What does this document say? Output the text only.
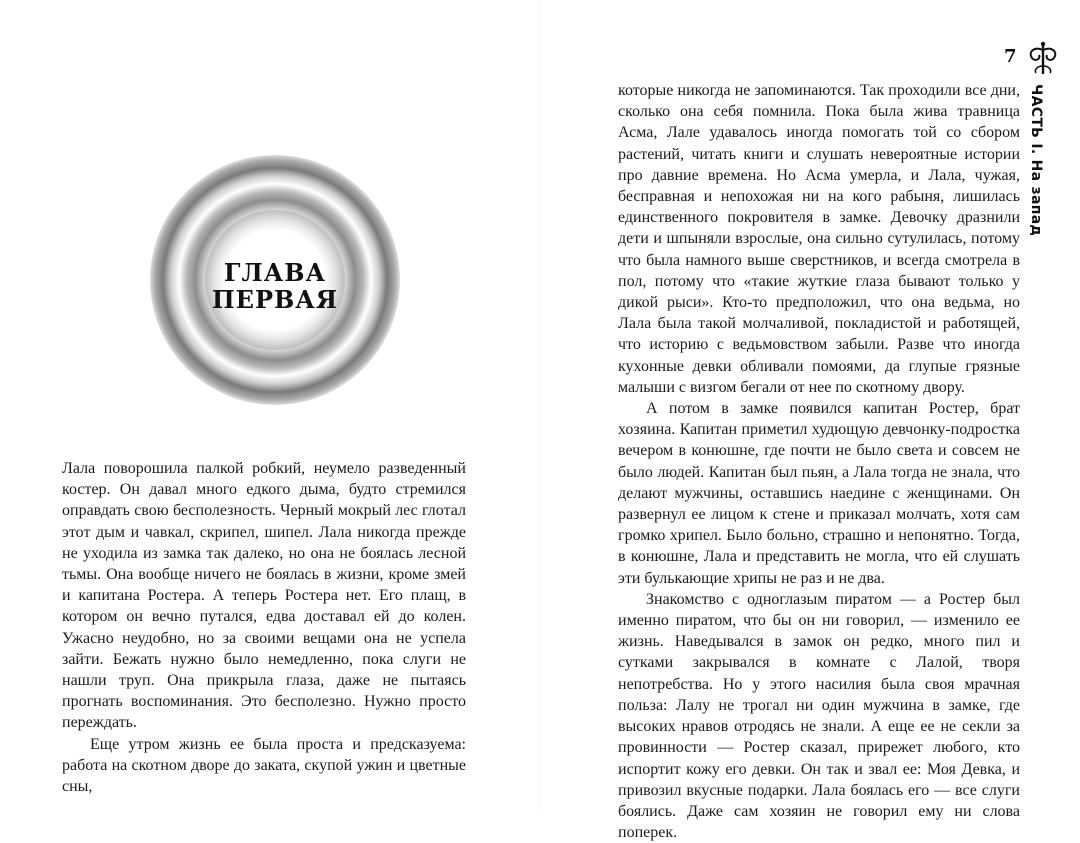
ГЛАВА
ПЕРВАЯ

Лала поворошила палкой робкий, неумело разведенный костер. Он давал много едкого дыма, будто стремился оправдать свою бесполезность. Черный мокрый лес глотал этот дым и чавкал, скрипел, шипел. Лала никогда прежде не уходила из замка так далеко, но она не боялась лесной тьмы. Она вообще ничего не боялась в жизни, кроме змей и капитана Ростера. А теперь Ростера нет. Его плащ, в котором он вечно путался, едва доставал ей до колен. Ужасно неудобно, но за своими вещами она не успела зайти. Бежать нужно было немедленно, пока слуги не нашли труп. Она прикрыла глаза, даже не пытаясь прогнать воспоминания. Это бесполезно. Нужно просто переждать.

Еще утром жизнь ее была проста и предсказуема: работа на скотном дворе до заката, скупой ужин и цветные сны,

7
ЧАСТЬ I. На запад

которые никогда не запоминаются. Так проходили все дни, сколько она себя помнила. Пока была жива травница Асма, Лале удавалось иногда помогать той со сбором растений, читать книги и слушать невероятные истории про давние времена. Но Асма умерла, и Лала, чужая, бесправная и непохожая ни на кого рабыня, лишилась единственного покровителя в замке. Девочку дразнили дети и шпыняли взрослые, она сильно сутулилась, потому что была намного выше сверстников, и всегда смотрела в пол, потому что «такие жуткие глаза бывают только у дикой рыси». Кто-то предположил, что она ведьма, но Лала была такой молчаливой, покладистой и работящей, что историю с ведьмовством забыли. Разве что иногда кухонные девки обливали помоями, да глупые грязные малыши с визгом бегали от нее по скотному двору.

А потом в замке появился капитан Ростер, брат хозяина. Капитан приметил худющую девчонку-подростка вечером в конюшне, где почти не было света и совсем не было людей. Капитан был пьян, а Лала тогда не знала, что делают мужчины, оставшись наедине с женщинами. Он развернул ее лицом к стене и приказал молчать, хотя сам громко хрипел. Было больно, страшно и непонятно. Тогда, в конюшне, Лала и представить не могла, что ей слушать эти булькающие хрипы не раз и не два.

Знакомство с одноглазым пиратом — а Ростер был именно пиратом, что бы он ни говорил, — изменило ее жизнь. Наведывался в замок он редко, много пил и сутками закрывался в комнате с Лалой, творя непотребства. Но у этого насилия была своя мрачная польза: Лалу не трогал ни один мужчина в замке, где высоких нравов отродясь не знали. А еще ее не секли за провинности — Ростер сказал, прирежет любого, кто испортит кожу его девки. Он так и звал ее: Моя Девка, и привозил вкусные подарки. Лала боялась его — все слуги боялись. Даже сам хозяин не говорил ему ни слова поперек.
